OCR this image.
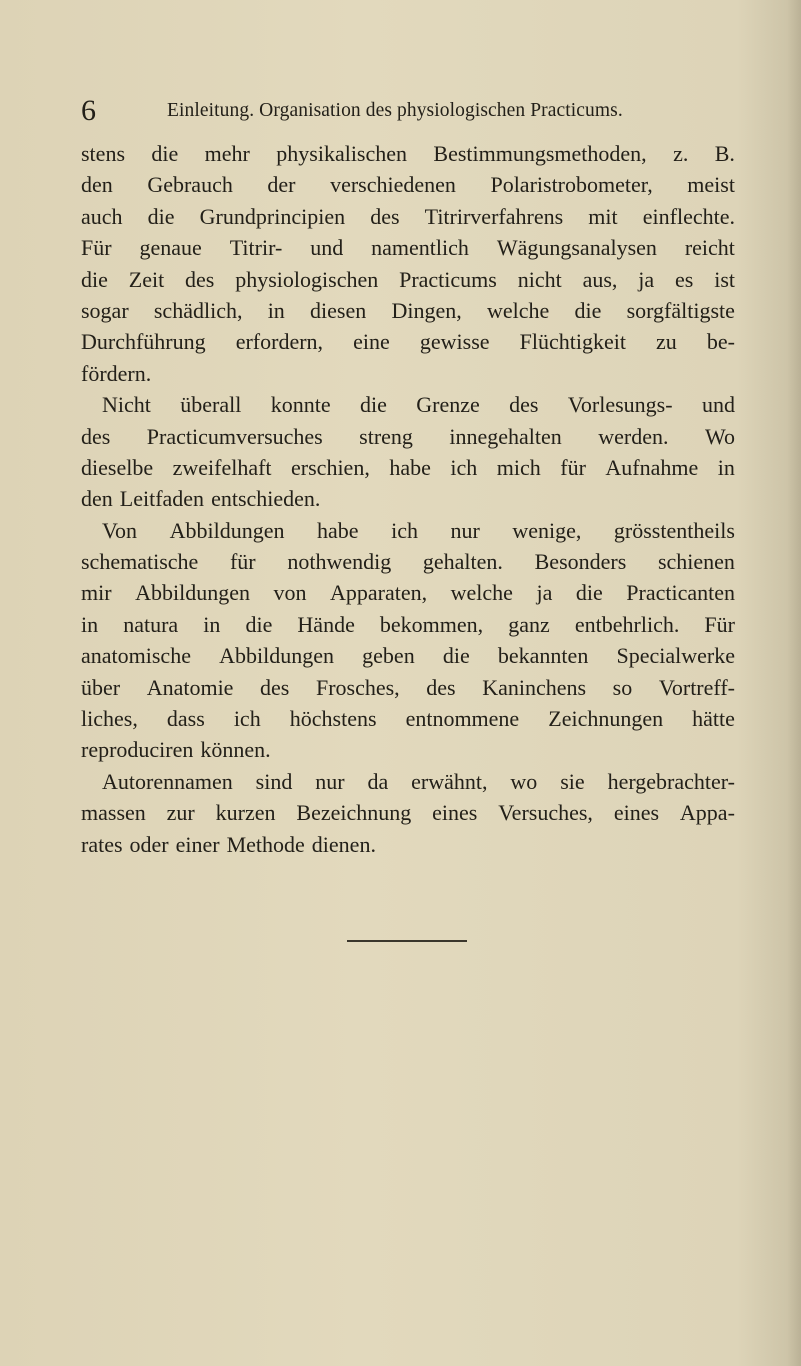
6	Einleitung. Organisation des physiologischen Practicums.
stens die mehr physikalischen Bestimmungsmethoden, z. B.
den Gebrauch der verschiedenen Polaristrobometer, meist
auch die Grundprincipien des Titrirverfahrens mit einflechte.
Für genaue Titrir- und namentlich Wägungsanalysen reicht
die Zeit des physiologischen Practicums nicht aus, ja es ist
sogar schädlich, in diesen Dingen, welche die sorgfältigste
Durchführung erfordern, eine gewisse Flüchtigkeit zu be-
fördern.
Nicht überall konnte die Grenze des Vorlesungs- und
des Practicumversuches streng innegehalten werden. Wo
dieselbe zweifelhaft erschien, habe ich mich für Aufnahme in
den Leitfaden entschieden.
Von Abbildungen habe ich nur wenige, grösstentheils
schematische für nothwendig gehalten. Besonders schienen
mir Abbildungen von Apparaten, welche ja die Practicanten
in natura in die Hände bekommen, ganz entbehrlich. Für
anatomische Abbildungen geben die bekannten Specialwerke
über Anatomie des Frosches, des Kaninchens so Vortreff-
liches, dass ich höchstens entnommene Zeichnungen hätte
reproduciren können.
Autorennamen sind nur da erwähnt, wo sie hergebrachter-
massen zur kurzen Bezeichnung eines Versuches, eines Appa-
rates oder einer Methode dienen.
